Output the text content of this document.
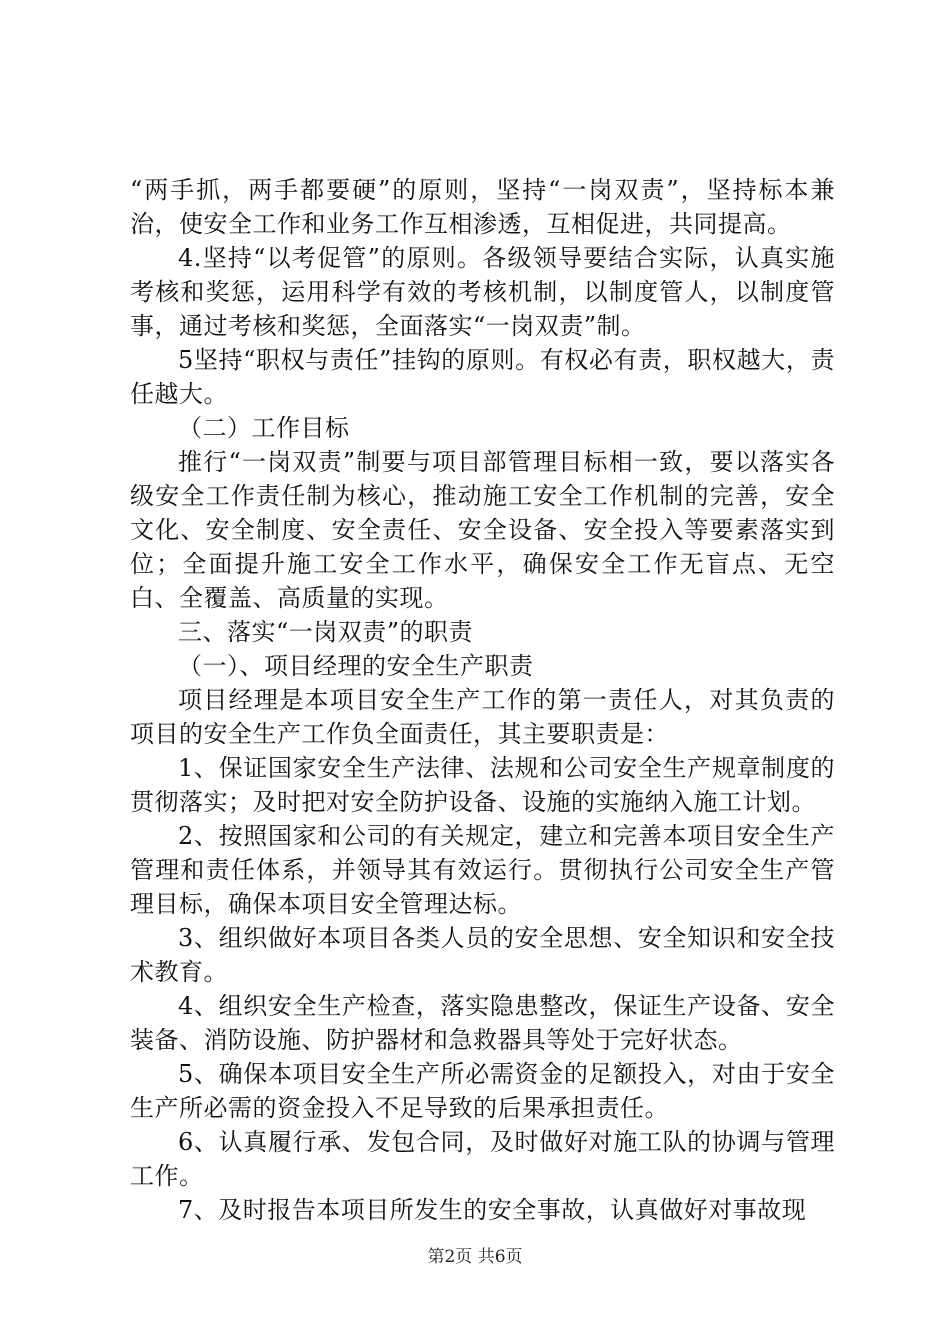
“两手抓，两手都要硬”的原则，坚持“一岗双责”，坚持标本兼治，使安全工作和业务工作互相渗透，互相促进，共同提高。

4.坚持“以考促管”的原则。各级领导要结合实际，认真实施考核和奖惩，运用科学有效的考核机制，以制度管人，以制度管事，通过考核和奖惩，全面落实“一岗双责”制。

5坚持“职权与责任”挂钩的原则。有权必有责，职权越大，责任越大。

（二）工作目标

推行“一岗双责”制要与项目部管理目标相一致，要以落实各级安全工作责任制为核心，推动施工安全工作机制的完善，安全文化、安全制度、安全责任、安全设备、安全投入等要素落实到位；全面提升施工安全工作水平，确保安全工作无盲点、无空白、全覆盖、高质量的实现。

三、落实“一岗双责”的职责

（一）、项目经理的安全生产职责

项目经理是本项目安全生产工作的第一责任人，对其负责的项目的安全生产工作负全面责任，其主要职责是：

1、保证国家安全生产法律、法规和公司安全生产规章制度的贯彻落实；及时把对安全防护设备、设施的实施纳入施工计划。

2、按照国家和公司的有关规定，建立和完善本项目安全生产管理和责任体系，并领导其有效运行。贯彻执行公司安全生产管理目标，确保本项目安全管理达标。

3、组织做好本项目各类人员的安全思想、安全知识和安全技术教育。

4、组织安全生产检查，落实隐患整改，保证生产设备、安全装备、消防设施、防护器材和急救器具等处于完好状态。

5、确保本项目安全生产所必需资金的足额投入，对由于安全生产所必需的资金投入不足导致的后果承担责任。

6、认真履行承、发包合同，及时做好对施工队的协调与管理工作。

7、及时报告本项目所发生的安全事故，认真做好对事故现

第2页 共6页
